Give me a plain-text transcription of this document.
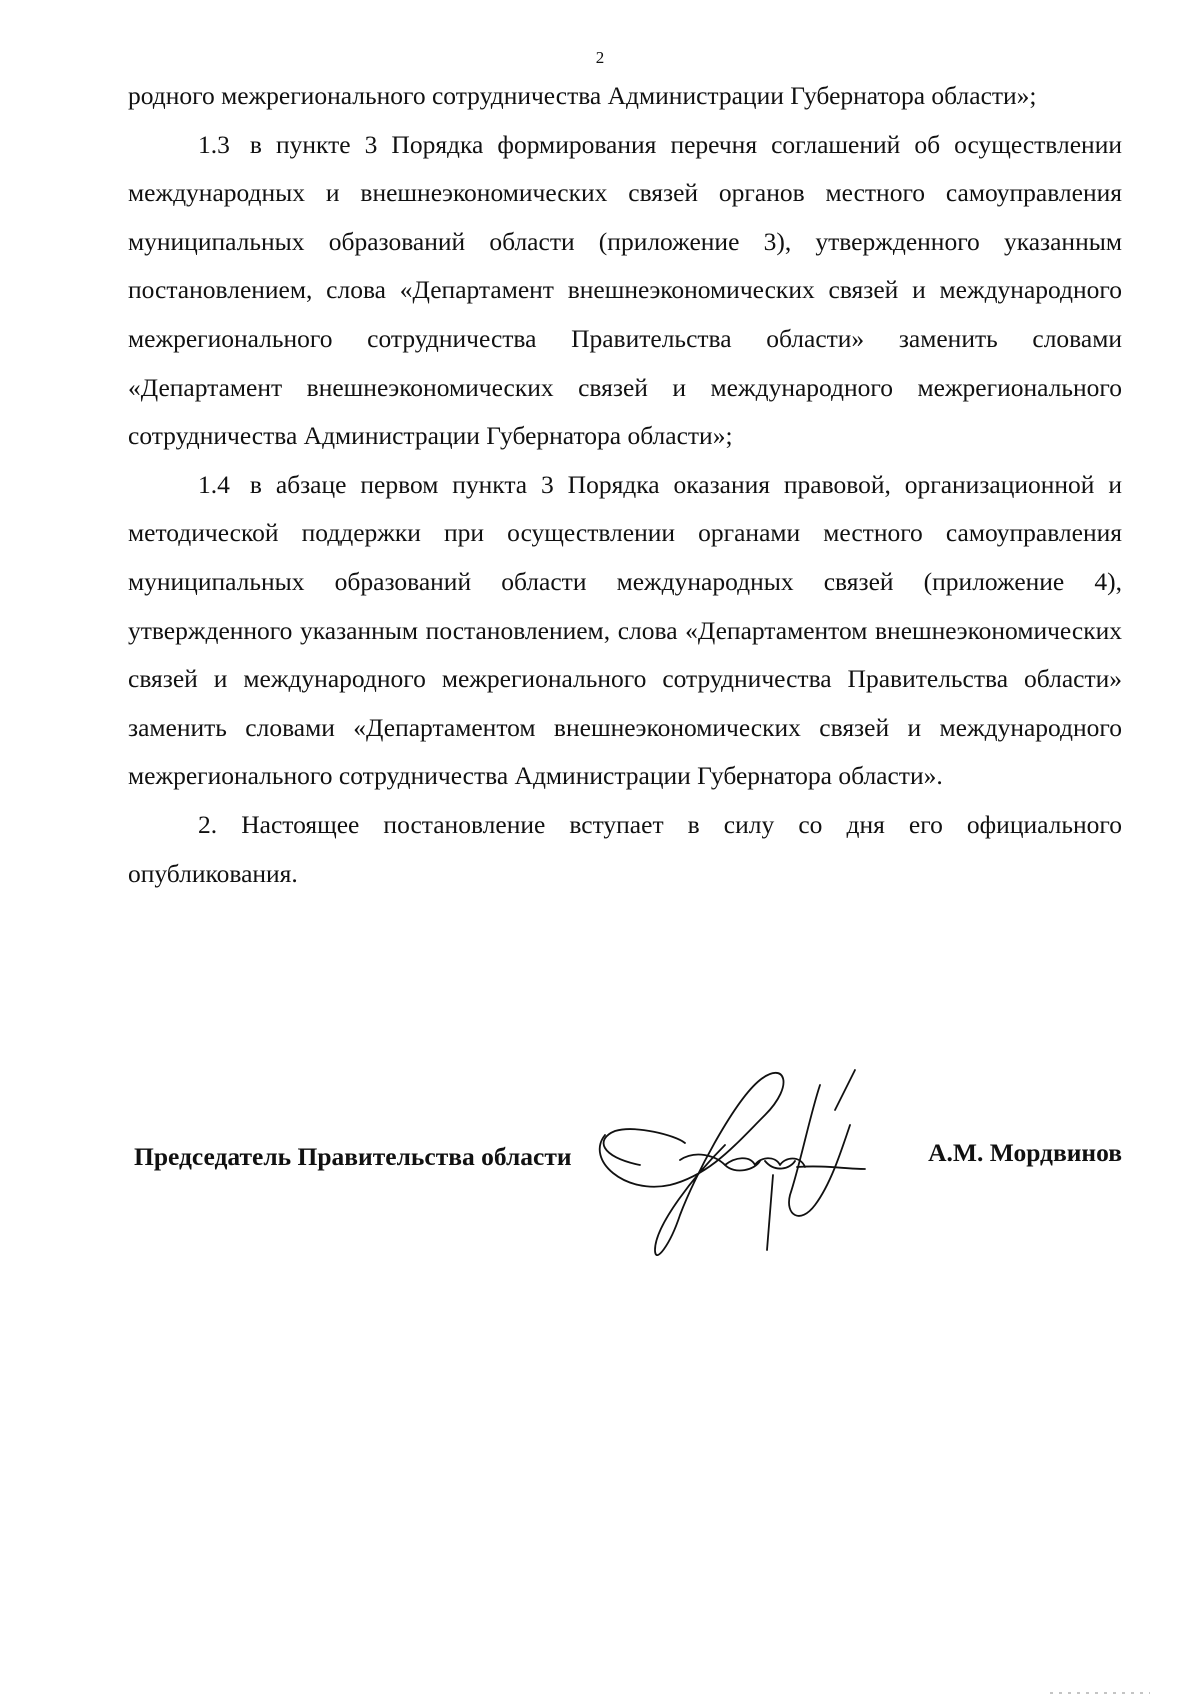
2

родного межрегионального сотрудничества Администрации Губернатора области»;

1.3 в пункте 3 Порядка формирования перечня соглашений об осуществлении международных и внешнеэкономических связей органов местного самоуправления муниципальных образований области (приложение 3), утвержденного указанным постановлением, слова «Департамент внешнеэкономических связей и международного межрегионального сотрудничества Правительства области» заменить словами «Департамент внешнеэкономических связей и международного межрегионального сотрудничества Администрации Губернатора области»;

1.4 в абзаце первом пункта 3 Порядка оказания правовой, организационной и методической поддержки при осуществлении органами местного самоуправления муниципальных образований области международных связей (приложение 4), утвержденного указанным постановлением, слова «Департаментом внешнеэкономических связей и международного межрегионального сотрудничества Правительства области» заменить словами «Департаментом внешнеэкономических связей и международного межрегионального сотрудничества Администрации Губернатора области».

2. Настоящее постановление вступает в силу со дня его официального опубликования.

Председатель Правительства области	А.М. Мордвинов
